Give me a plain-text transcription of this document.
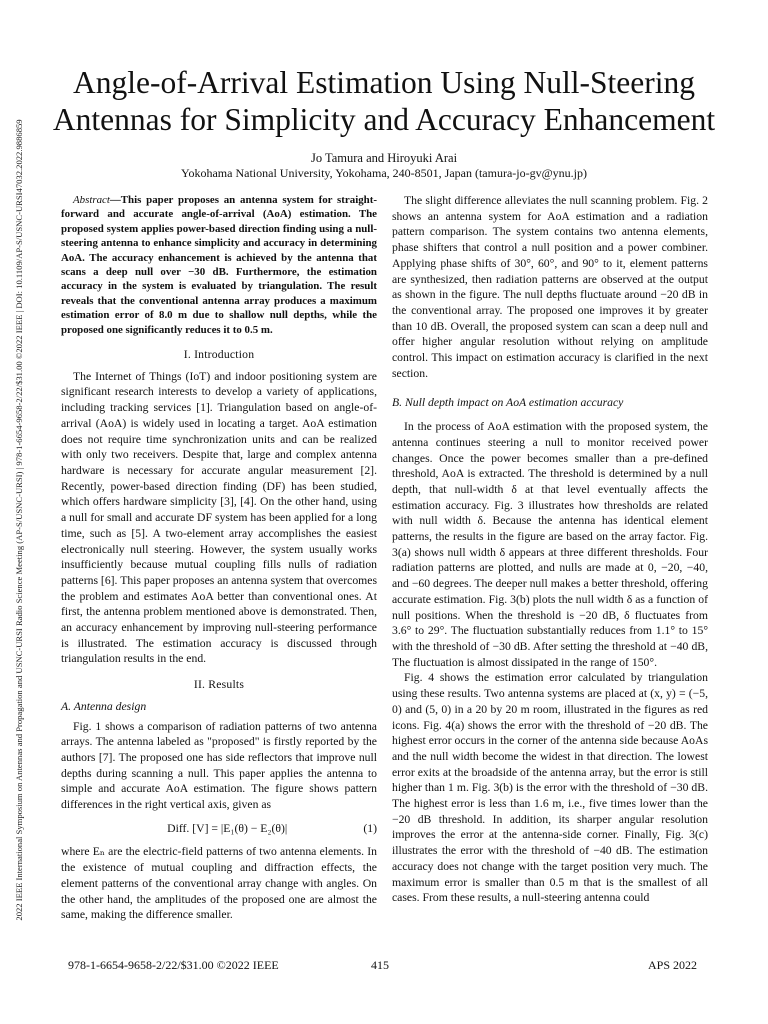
2022 IEEE International Symposium on Antennas and Propagation and USNC-URSI Radio Science Meeting (AP-S/USNC-URSI) | 978-1-6654-9658-2/22/$31.00 ©2022 IEEE | DOI: 10.1109/AP-S/USNC-URSI47032.2022.9886859
Angle-of-Arrival Estimation Using Null-Steering
Antennas for Simplicity and Accuracy Enhancement
Jo Tamura and Hiroyuki Arai
Yokohama National University, Yokohama, 240-8501, Japan (tamura-jo-gv@ynu.jp)

Abstract—This paper proposes an antenna system for straight-forward and accurate angle-of-arrival (AoA) estimation. The proposed system applies power-based direction finding using a null-steering antenna to enhance simplicity and accuracy in determining AoA. The accuracy enhancement is achieved by the antenna that scans a deep null over −30 dB. Furthermore, the estimation accuracy in the system is evaluated by triangulation. The result reveals that the conventional antenna array produces a maximum estimation error of 8.0 m due to shallow null depths, while the proposed one significantly reduces it to 0.5 m.

I. Introduction

The Internet of Things (IoT) and indoor positioning system are significant research interests to develop a variety of applications, including tracking services [1]. Triangulation based on angle-of-arrival (AoA) is widely used in locating a target. AoA estimation does not require time synchronization units and can be realized with only two receivers. Despite that, large and complex antenna hardware is necessary for accurate angular measurement [2]. Recently, power-based direction finding (DF) has been studied, which offers hardware simplicity [3], [4]. On the other hand, using a null for small and accurate DF system has been applied for a long time, such as [5]. A two-element array accomplishes the easiest electronically null steering. However, the system usually works insufficiently because mutual coupling fills nulls of radiation patterns [6]. This paper proposes an antenna system that overcomes the problem and estimates AoA better than conventional ones. At first, the antenna problem mentioned above is demonstrated. Then, an accuracy enhancement by improving null-steering performance is illustrated. The estimation accuracy is discussed through triangulation results in the end.

II. Results
A. Antenna design

Fig. 1 shows a comparison of radiation patterns of two antenna arrays. The antenna labeled as "proposed" is firstly reported by the authors [7]. The proposed one has side reflectors that improve null depths during scanning a null. This paper applies the antenna to simple and accurate AoA estimation. The figure shows pattern differences in the right vertical axis, given as

Diff. [V] = |E₁(θ) − E₂(θ)|	(1)

where Eₙ are the electric-field patterns of two antenna elements. In the existence of mutual coupling and diffraction effects, the element patterns of the conventional array change with angles. On the other hand, the amplitudes of the proposed one are almost the same, making the difference smaller.

The slight difference alleviates the null scanning problem. Fig. 2 shows an antenna system for AoA estimation and a radiation pattern comparison. The system contains two antenna elements, phase shifters that control a null position and a power combiner. Applying phase shifts of 30°, 60°, and 90° to it, element patterns are synthesized, then radiation patterns are observed at the output as shown in the figure. The null depths fluctuate around −20 dB in the conventional array. The proposed one improves it by greater than 10 dB. Overall, the proposed system can scan a deep null and offer higher angular resolution without relying on amplitude control. This impact on estimation accuracy is clarified in the next section.

B. Null depth impact on AoA estimation accuracy

In the process of AoA estimation with the proposed system, the antenna continues steering a null to monitor received power changes. Once the power becomes smaller than a pre-defined threshold, AoA is extracted. The threshold is determined by a null depth, that null-width δ at that level eventually affects the estimation accuracy. Fig. 3 illustrates how thresholds are related with null width δ. Because the antenna has identical element patterns, the results in the figure are based on the array factor. Fig. 3(a) shows null width δ appears at three different thresholds. Four radiation patterns are plotted, and nulls are made at 0, −20, −40, and −60 degrees. The deeper null makes a better threshold, offering accurate estimation. Fig. 3(b) plots the null width δ as a function of null positions. When the threshold is −20 dB, δ fluctuates from 3.6° to 29°. The fluctuation substantially reduces from 1.1° to 15° with the threshold of −30 dB. After setting the threshold at −40 dB, The fluctuation is almost dissipated in the range of 150°.

Fig. 4 shows the estimation error calculated by triangulation using these results. Two antenna systems are placed at (x, y) = (−5, 0) and (5, 0) in a 20 by 20 m room, illustrated in the figures as red icons. Fig. 4(a) shows the error with the threshold of −20 dB. The highest error occurs in the corner of the antenna side because AoAs and the null width become the widest in that direction. The lowest error exits at the broadside of the antenna array, but the error is still higher than 1 m. Fig. 3(b) is the error with the threshold of −30 dB. The highest error is less than 1.6 m, i.e., five times lower than the −20 dB threshold. In addition, its sharper angular resolution improves the error at the antenna-side corner. Finally, Fig. 3(c) illustrates the error with the threshold of −40 dB. The estimation accuracy does not change with the target position very much. The maximum error is smaller than 0.5 m that is the smallest of all cases. From these results, a null-steering antenna could

978-1-6654-9658-2/22/$31.00 ©2022 IEEE	415	APS 2022
